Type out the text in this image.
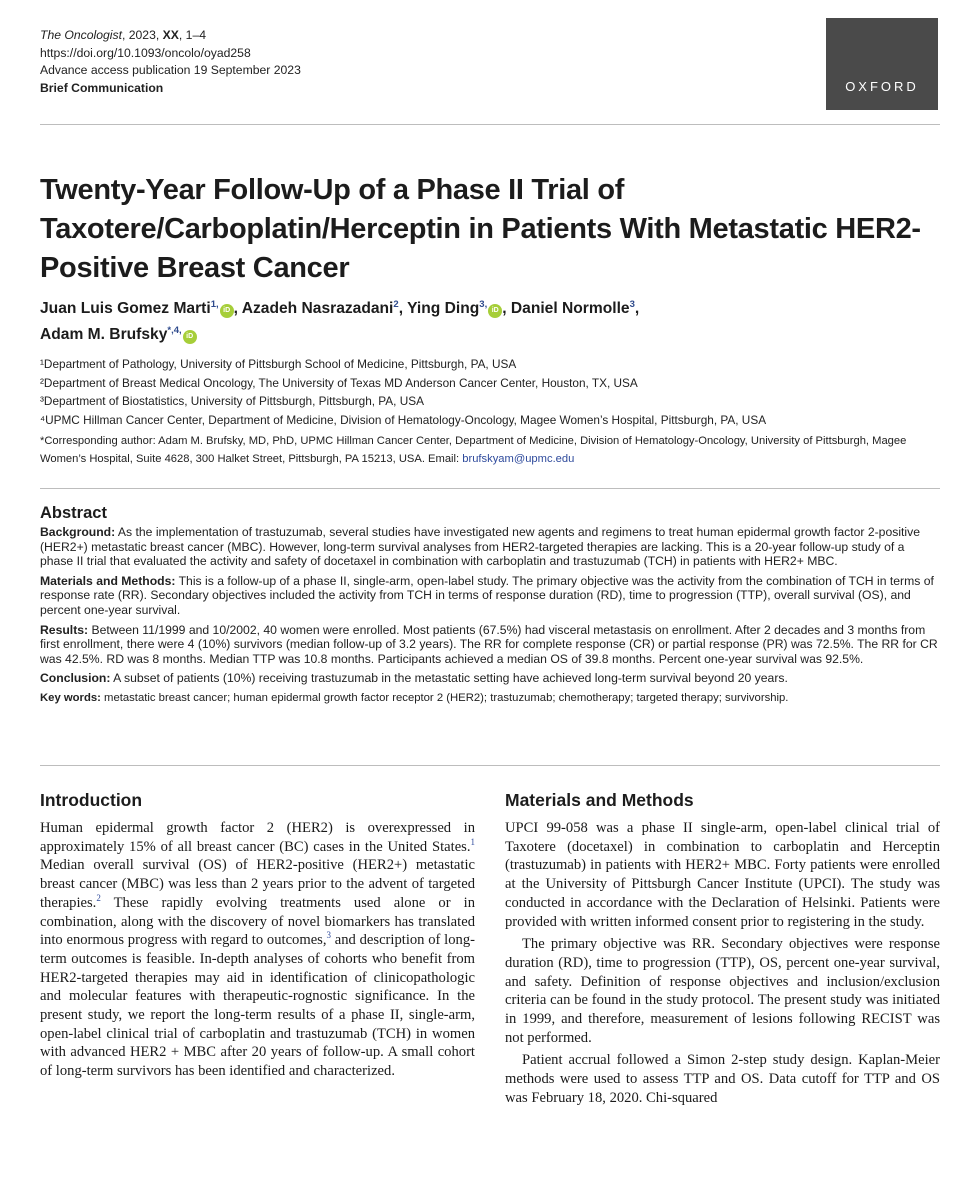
The Oncologist, 2023, XX, 1–4
https://doi.org/10.1093/oncolo/oyad258
Advance access publication 19 September 2023
Brief Communication	OXFORD
Twenty-Year Follow-Up of a Phase II Trial of Taxotere/Carboplatin/Herceptin in Patients With Metastatic HER2-Positive Breast Cancer
Juan Luis Gomez Marti$^{1,}$iD , Azadeh Nasrazadani$^2$, Ying Ding$^{3,}$iD , Daniel Normolle$^3$,
Adam M. Brufsky$^{*,4,}$iD
¹Department of Pathology, University of Pittsburgh School of Medicine, Pittsburgh, PA, USA
²Department of Breast Medical Oncology, The University of Texas MD Anderson Cancer Center, Houston, TX, USA
³Department of Biostatistics, University of Pittsburgh, Pittsburgh, PA, USA
⁴UPMC Hillman Cancer Center, Department of Medicine, Division of Hematology-Oncology, Magee Women’s Hospital, Pittsburgh, PA, USA
*Corresponding author: Adam M. Brufsky, MD, PhD, UPMC Hillman Cancer Center, Department of Medicine, Division of Hematology-Oncology, University of Pittsburgh, Magee Women’s Hospital, Suite 4628, 300 Halket Street, Pittsburgh, PA 15213, USA. Email: brufskyam@upmc.edu
Abstract

Background: As the implementation of trastuzumab, several studies have investigated new agents and regimens to treat human epidermal growth factor 2-positive (HER2+) metastatic breast cancer (MBC). However, long-term survival analyses from HER2-targeted therapies are lacking. This is a 20-year follow-up study of a phase II trial that evaluated the activity and safety of docetaxel in combination with carboplatin and trastuzumab (TCH) in patients with HER2+ MBC.

Materials and Methods: This is a follow-up of a phase II, single-arm, open-label study. The primary objective was the activity from the combination of TCH in terms of response rate (RR). Secondary objectives included the activity from TCH in terms of response duration (RD), time to progression (TTP), overall survival (OS), and percent one-year survival.

Results: Between 11/1999 and 10/2002, 40 women were enrolled. Most patients (67.5%) had visceral metastasis on enrollment. After 2 decades and 3 months from first enrollment, there were 4 (10%) survivors (median follow-up of 3.2 years). The RR for complete response (CR) or partial response (PR) was 72.5%. The RR for CR was 42.5%. RD was 8 months. Median TTP was 10.8 months. Participants achieved a median OS of 39.8 months. Percent one-year survival was 92.5%.

Conclusion: A subset of patients (10%) receiving trastuzumab in the metastatic setting have achieved long-term survival beyond 20 years.

Key words: metastatic breast cancer; human epidermal growth factor receptor 2 (HER2); trastuzumab; chemotherapy; targeted therapy; survivorship.

Introduction

Human epidermal growth factor 2 (HER2) is overexpressed in approximately 15% of all breast cancer (BC) cases in the United States.$^1$ Median overall survival (OS) of HER2-positive (HER2+) metastatic breast cancer (MBC) was less than 2 years prior to the advent of targeted therapies.$^2$ These rapidly evolving treatments used alone or in combination, along with the discovery of novel biomarkers has translated into enormous progress with regard to outcomes,$^3$ and description of long-term outcomes is feasible. In-depth analyses of cohorts who benefit from HER2-targeted therapies may aid in identification of clinicopathologic and molecular features with therapeutic-rognostic significance. In the present study, we report the long-term results of a phase II, single-arm, open-label clinical trial of carboplatin and trastuzumab (TCH) in women with advanced HER2 + MBC after 20 years of follow-up. A small cohort of long-term survivors has been identified and characterized.

Materials and Methods

UPCI 99-058 was a phase II single-arm, open-label clinical trial of Taxotere (docetaxel) in combination to carboplatin and Herceptin (trastuzumab) in patients with HER2+ MBC. Forty patients were enrolled at the University of Pittsburgh Cancer Institute (UPCI). The study was conducted in accordance with the Declaration of Helsinki. Patients were provided with written informed consent prior to registering in the study.

The primary objective was RR. Secondary objectives were response duration (RD), time to progression (TTP), OS, percent one-year survival, and safety. Definition of response objectives and inclusion/exclusion criteria can be found in the study protocol. The present study was initiated in 1999, and therefore, measurement of lesions following RECIST was not performed.

Patient accrual followed a Simon 2-step study design. Kaplan-Meier methods were used to assess TTP and OS. Data cutoff for TTP and OS was February 18, 2020. Chi-squared
